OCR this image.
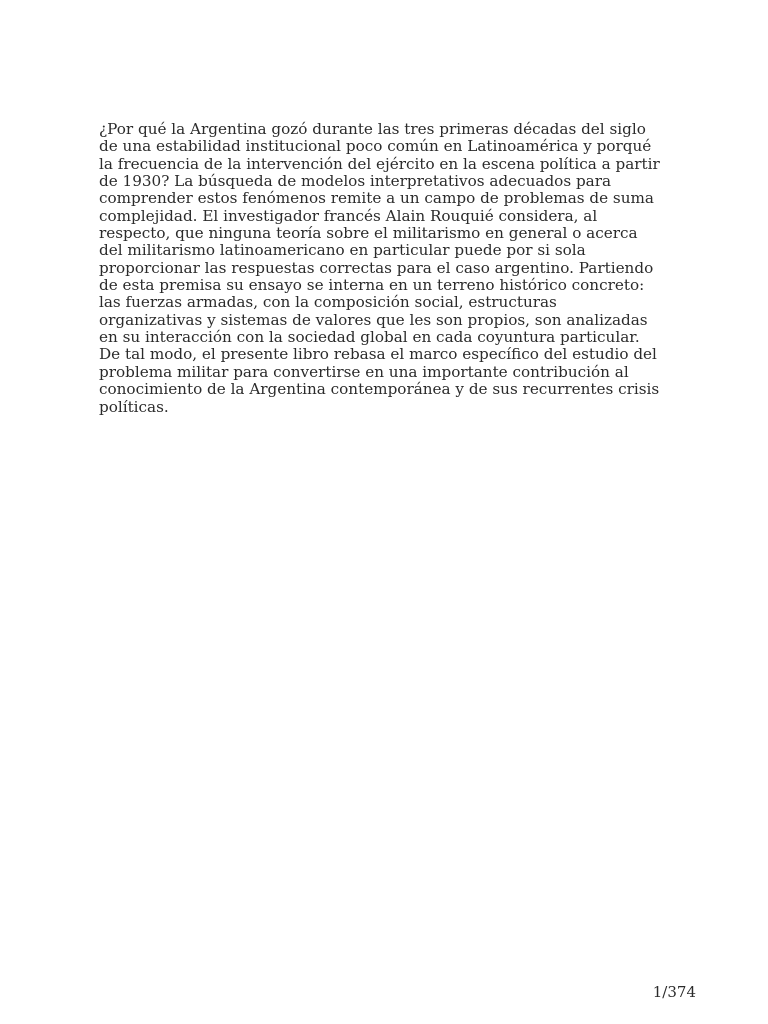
¿Por qué la Argentina gozó durante las tres primeras décadas del siglo
de una estabilidad institucional poco común en Latinoamérica y porqué
la frecuencia de la intervención del ejército en la escena política a partir
de 1930? La búsqueda de modelos interpretativos adecuados para
comprender estos fenómenos remite a un campo de problemas de suma
complejidad. El investigador francés Alain Rouquié considera, al
respecto, que ninguna teoría sobre el militarismo en general o acerca
del militarismo latinoamericano en particular puede por si sola
proporcionar las respuestas correctas para el caso argentino. Partiendo
de esta premisa su ensayo se interna en un terreno histórico concreto:
las fuerzas armadas, con la composición social, estructuras
organizativas y sistemas de valores que les son propios, son analizadas
en su interacción con la sociedad global en cada coyuntura particular.
De tal modo, el presente libro rebasa el marco específico del estudio del
problema militar para convertirse en una importante contribución al
conocimiento de la Argentina contemporánea y de sus recurrentes crisis
políticas.

1/374
